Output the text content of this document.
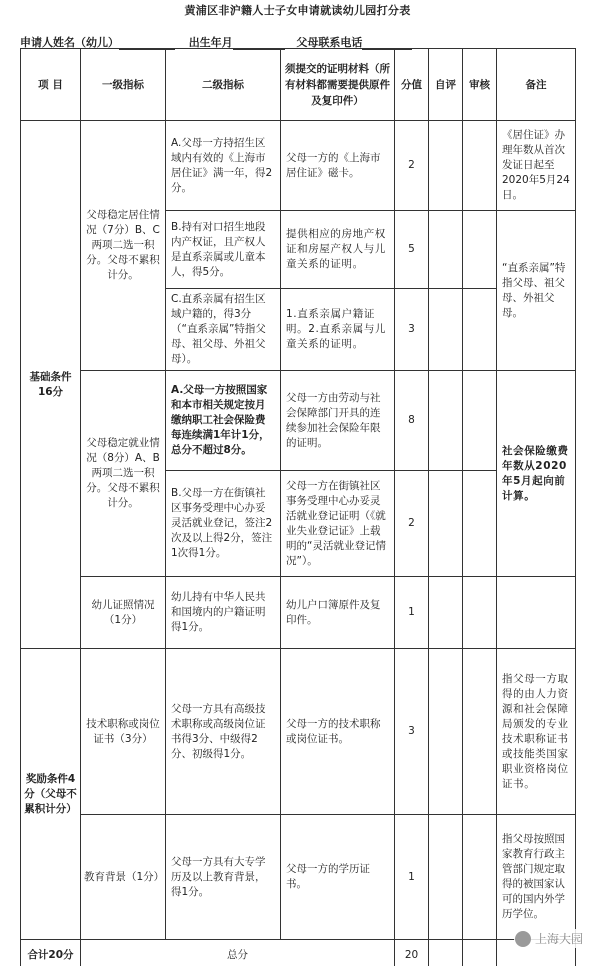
黄浦区非沪籍人士子女申请就读幼儿园打分表
申请人姓名（幼儿）	出生年月	父母联系电话
项 目	一级指标	二级指标	须提交的证明材料（所有材料都需要提供原件及复印件）	分值	自评	审核	备注
基础条件16分	父母稳定居住情况（7分）B、C两项二选一积分。父母不累积计分。	A.父母一方持招生区域内有效的《上海市居住证》满一年，得2分。	父母一方的《上海市居住证》磁卡。	2			《居住证》办理年数从首次发证日起至2020年5月24日。
		B.持有对口招生地段内产权证，且产权人是直系亲属或儿童本人，得5分。	提供相应的房地产权证和房屋产权人与儿童关系的证明。	5			“直系亲属”特指父母、祖父母、外祖父母。
		C.直系亲属有招生区域户籍的，得3分（“直系亲属”特指父母、祖父母、外祖父母）。	1.直系亲属户籍证明。2.直系亲属与儿童关系的证明。	3			
	父母稳定就业情况（8分）A、B两项二选一积分。父母不累积计分。	A.父母一方按照国家和本市相关规定按月缴纳职工社会保险费每连续满1年计1分，总分不超过8分。	父母一方由劳动与社会保障部门开具的连续参加社会保险年限的证明。	8			社会保险缴费年数从2020年5月起向前计算。
		B.父母一方在街镇社区事务受理中心办妥灵活就业登记，签注2次及以上得2分，签注1次得1分。	父母一方在街镇社区事务受理中心办妥灵活就业登记证明（《就业失业登记证》上载明的“灵活就业登记情况”）。	2			
	幼儿证照情况（1分）	幼儿持有中华人民共和国境内的户籍证明得1分。	幼儿户口簿原件及复印件。	1			
奖励条件4分（父母不累积计分）	技术职称或岗位证书（3分）	父母一方具有高级技术职称或高级岗位证书得3分、中级得2分、初级得1分。	父母一方的技术职称或岗位证书。	3			指父母一方取得的由人力资源和社会保障局颁发的专业技术职称证书或技能类国家职业资格岗位证书。
	教育背景（1分）	父母一方具有大专学历及以上教育背景，得1分。	父母一方的学历证书。	1			指父母按照国家教育行政主管部门规定取得的被国家认可的国内外学历学位。
合计20分	总分			20			
上海大园
